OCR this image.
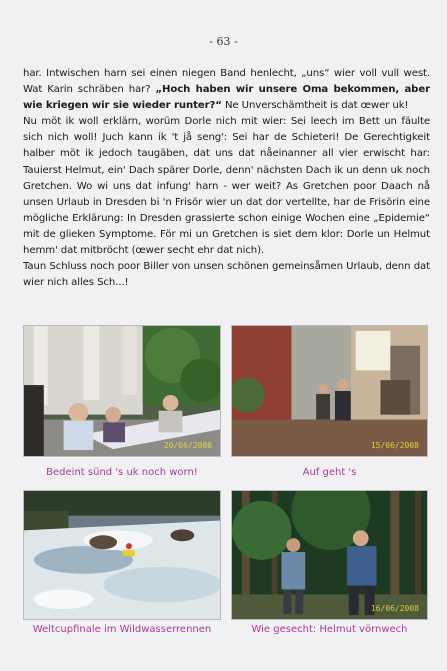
- 63 -

har. Intwischen harn sei einen niegen Band henlecht, „uns“ wier voll vull west. Wat Karin schräben har? „Hoch haben wir unsere Oma bekommen, aber wie kriegen wir sie wieder runter?“ Ne Unverschämtheit is dat œwer uk!

Nu möt ik woll erklärn, worüm Dorle nich mit wier: Sei leech im Bett un fäulte sich nich woll! Juch kann ik 't jå seng': Sei har de Schieteri! De Gerechtigkeit halber möt ik jedoch taugäben, dat uns dat nåeinanner all vier erwischt har: Tauierst Helmut, ein' Dach spärer Dorle, denn' nächsten Dach ik un denn uk noch Gretchen. Wo wi uns dat infung' harn - wer weit? As Gretchen poor Daach nå unsen Urlaub in Dresden bi 'n Frisör wier un dat dor vertellte, har de Frisörin eine mögliche Erklärung: In Dresden grassierte schon einige Wochen eine „Epidemie“ mit de glieken Symptome. För mi un Gretchen is siet dem klor: Dorle un Helmut hemm' dat mitbröcht (œwer secht ehr dat nich).

Taun Schluss noch poor Biller von unsen schönen gemeinsåmen Urlaub, denn dat wier nich alles Sch...!

20/06/2008	15/06/2008
Bedeint sünd 's uk noch worn!	Auf geht 's
16/06/2008
Weltcupfinale im Wildwasserrennen	Wie gesecht: Helmut vörnwech
